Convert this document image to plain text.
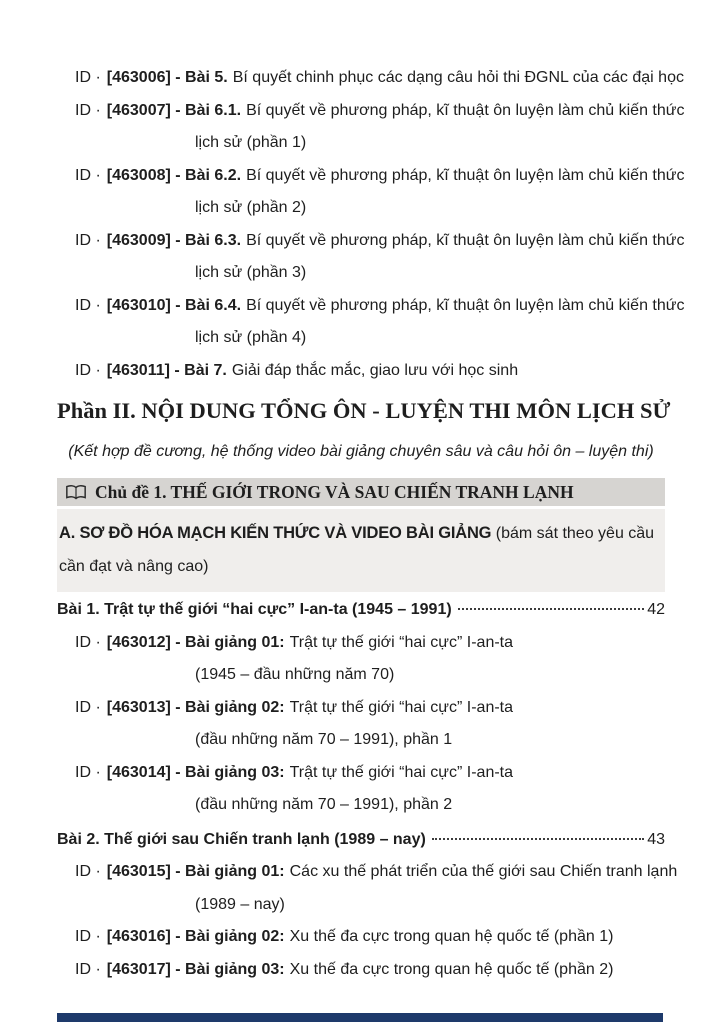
ID · [463006] - Bài 5. Bí quyết chinh phục các dạng câu hỏi thi ĐGNL của các đại học
ID · [463007] - Bài 6.1. Bí quyết về phương pháp, kĩ thuật ôn luyện làm chủ kiến thức
lịch sử (phần 1)
ID · [463008] - Bài 6.2. Bí quyết về phương pháp, kĩ thuật ôn luyện làm chủ kiến thức
lịch sử (phần 2)
ID · [463009] - Bài 6.3. Bí quyết về phương pháp, kĩ thuật ôn luyện làm chủ kiến thức
lịch sử (phần 3)
ID · [463010] - Bài 6.4. Bí quyết về phương pháp, kĩ thuật ôn luyện làm chủ kiến thức
lịch sử (phần 4)
ID · [463011] - Bài 7. Giải đáp thắc mắc, giao lưu với học sinh
Phần II. NỘI DUNG TỔNG ÔN - LUYỆN THI MÔN LỊCH SỬ
(Kết hợp đề cương, hệ thống video bài giảng chuyên sâu và câu hỏi ôn – luyện thi)
Chủ đề 1. THẾ GIỚI TRONG VÀ SAU CHIẾN TRANH LẠNH
A. SƠ ĐỒ HÓA MẠCH KIẾN THỨC VÀ VIDEO BÀI GIẢNG (bám sát theo yêu cầu cần đạt và nâng cao)
Bài 1. Trật tự thế giới “hai cực” I-an-ta (1945 – 1991)	42
ID · [463012] - Bài giảng 01: Trật tự thế giới “hai cực” I-an-ta
(1945 – đầu những năm 70)
ID · [463013] - Bài giảng 02: Trật tự thế giới “hai cực” I-an-ta
(đầu những năm 70 – 1991), phần 1
ID · [463014] - Bài giảng 03: Trật tự thế giới “hai cực” I-an-ta
(đầu những năm 70 – 1991), phần 2
Bài 2. Thế giới sau Chiến tranh lạnh (1989 – nay)	43
ID · [463015] - Bài giảng 01: Các xu thế phát triển của thế giới sau Chiến tranh lạnh
(1989 – nay)
ID · [463016] - Bài giảng 02: Xu thế đa cực trong quan hệ quốc tế (phần 1)
ID · [463017] - Bài giảng 03: Xu thế đa cực trong quan hệ quốc tế (phần 2)
